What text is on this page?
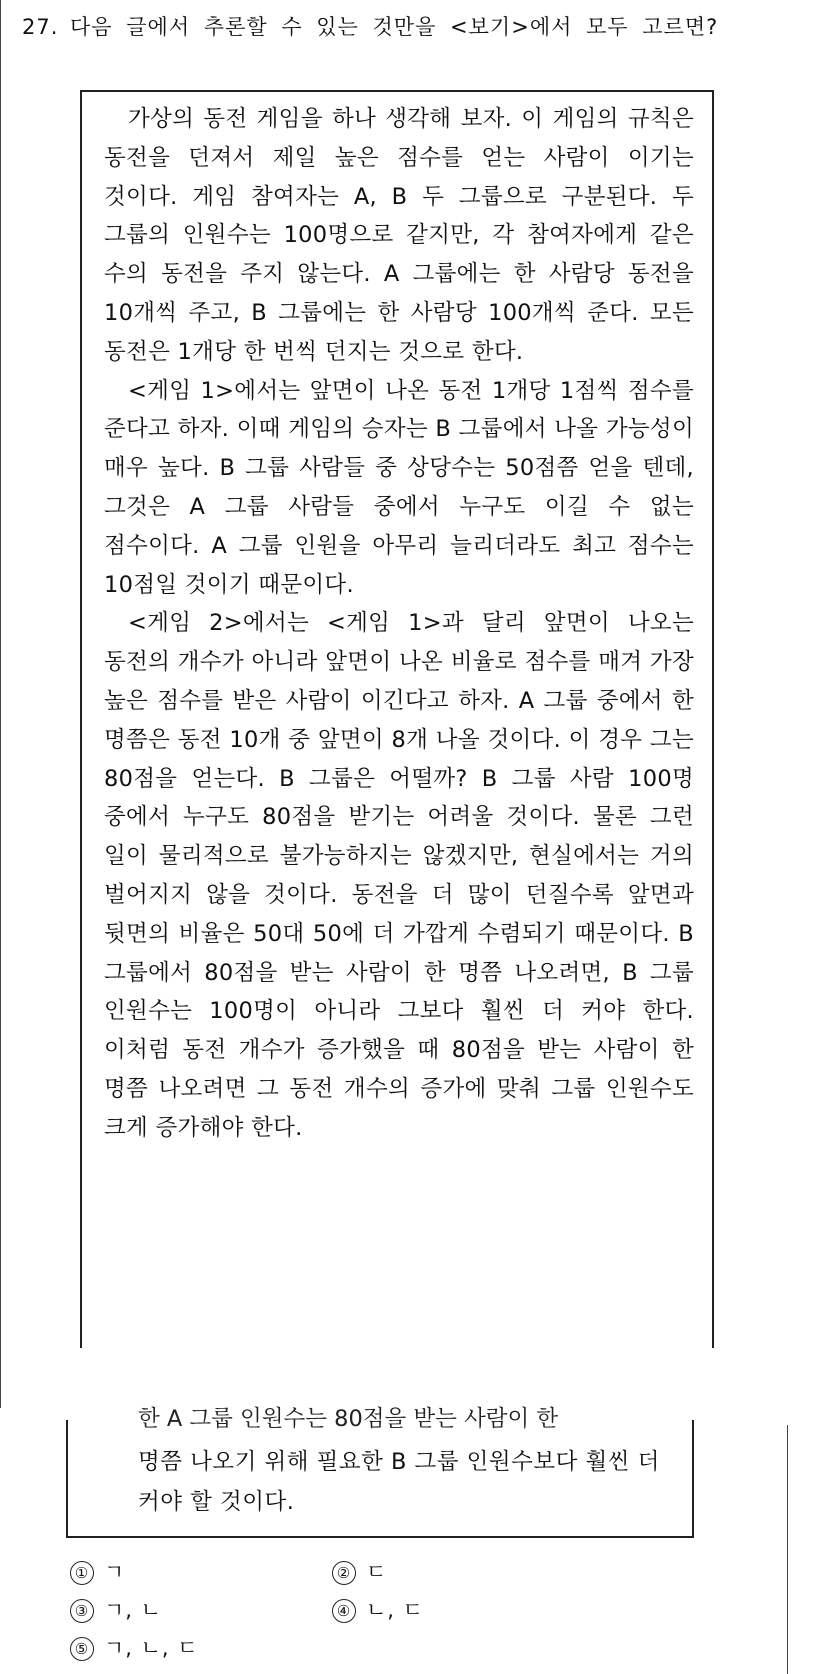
27. 다음 글에서 추론할 수 있는 것만을 <보기>에서 모두 고르면?

가상의 동전 게임을 하나 생각해 보자. 이 게임의 규칙은 동전을 던져서 제일 높은 점수를 얻는 사람이 이기는 것이다. 게임 참여자는 A, B 두 그룹으로 구분된다. 두 그룹의 인원수는 100명으로 같지만, 각 참여자에게 같은 수의 동전을 주지 않는다. A 그룹에는 한 사람당 동전을 10개씩 주고, B 그룹에는 한 사람당 100개씩 준다. 모든 동전은 1개당 한 번씩 던지는 것으로 한다.

<게임 1>에서는 앞면이 나온 동전 1개당 1점씩 점수를 준다고 하자. 이때 게임의 승자는 B 그룹에서 나올 가능성이 매우 높다. B 그룹 사람들 중 상당수는 50점쯤 얻을 텐데, 그것은 A 그룹 사람들 중에서 누구도 이길 수 없는 점수이다. A 그룹 인원을 아무리 늘리더라도 최고 점수는 10점일 것이기 때문이다.

<게임 2>에서는 <게임 1>과 달리 앞면이 나오는 동전의 개수가 아니라 앞면이 나온 비율로 점수를 매겨 가장 높은 점수를 받은 사람이 이긴다고 하자. A 그룹 중에서 한 명쯤은 동전 10개 중 앞면이 8개 나올 것이다. 이 경우 그는 80점을 얻는다. B 그룹은 어떨까? B 그룹 사람 100명 중에서 누구도 80점을 받기는 어려울 것이다. 물론 그런 일이 물리적으로 불가능하지는 않겠지만, 현실에서는 거의 벌어지지 않을 것이다. 동전을 더 많이 던질수록 앞면과 뒷면의 비율은 50대 50에 더 가깝게 수렴되기 때문이다. B 그룹에서 80점을 받는 사람이 한 명쯤 나오려면, B 그룹 인원수는 100명이 아니라 그보다 훨씬 더 커야 한다. 이처럼 동전 개수가 증가했을 때 80점을 받는 사람이 한 명쯤 나오려면 그 동전 개수의 증가에 맞춰 그룹 인원수도 크게 증가해야 한다.

한 A 그룹 인원수는 80점을 받는 사람이 한
명쯤 나오기 위해 필요한 B 그룹 인원수보다 훨씬 더 커야 할 것이다.
① ㄱ	② ㄷ
③ ㄱ, ㄴ	④ ㄴ, ㄷ
⑤ ㄱ, ㄴ, ㄷ
